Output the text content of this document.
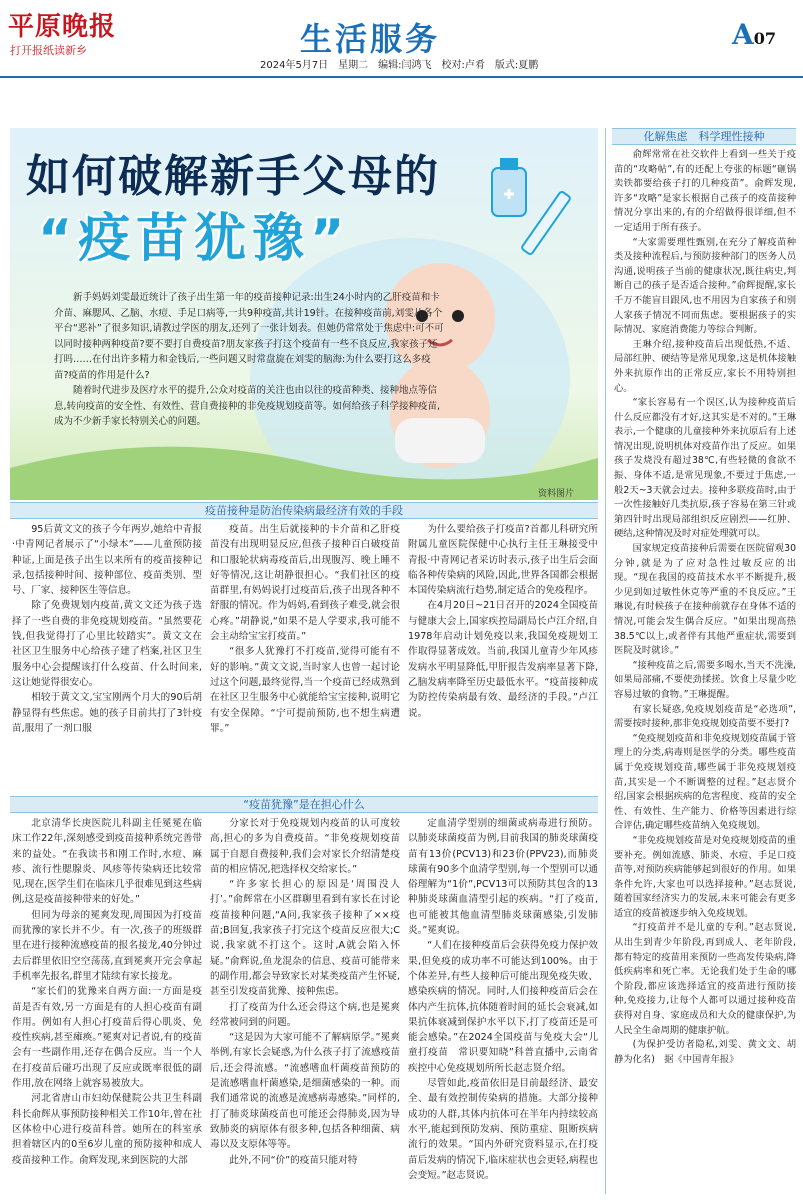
平原晚报
打开报纸读新乡	生活服务	A07
2024年5月7日　星期二　编辑:闫鸿飞　校对:卢肴　版式:夏鹏
如何破解新手父母的
“疫苗犹豫”

新手妈妈刘雯最近统计了孩子出生第一年的疫苗接种记录:出生24小时内的乙肝疫苗和卡介苗、麻腮风、乙脑、水痘、手足口病等,一共9种疫苗,共计19针。在接种疫苗前,刘雯从各个平台“恶补”了很多知识,请教过学医的朋友,还列了一张计划表。但她仍常常处于焦虑中:可不可以同时接种两种疫苗?要不要打自费疫苗?朋友家孩子打这个疫苗有一些不良反应,我家孩子还打吗……在付出许多精力和金钱后,一些问题又时常盘旋在刘雯的脑海:为什么要打这么多疫苗?疫苗的作用是什么?

随着时代进步及医疗水平的提升,公众对疫苗的关注也由以往的疫苗种类、接种地点等信息,转向疫苗的安全性、有效性、营自费接种的非免疫规划疫苗等。如何给孩子科学接种疫苗,成为不少新手家长特别关心的问题。

资料图片
疫苗接种是防治传染病最经济有效的手段

95后黄文文的孩子今年两岁,她给中青报·中青网记者展示了“小绿本”——儿童预防接种证,上面是孩子出生以来所有的疫苗接种记录,包括接种时间、接种部位、疫苗类别、型号、厂家、接种医生等信息。

除了免费规划内疫苗,黄文文还为孩子选择了一些自费的非免疫规划疫苗。“虽然要花钱,但我觉得打了心里比较踏实”。黄文文在社区卫生服务中心给孩子建了档案,社区卫生服务中心会提醒该打什么疫苗、什么时间来,这让她觉得很安心。

相较于黄文文,宝宝刚两个月大的90后胡静显得有些焦虑。她的孩子目前共打了3针疫苗,服用了一剂口服

疫苗。出生后就接种的卡介苗和乙肝疫苗没有出现明显反应,但孩子接种百白破疫苗和口服轮状病毒疫苗后,出现腹泻、晚上睡不好等情况,这让胡静很担心。“我们社区的疫苗群里,有妈妈说打过疫苗后,孩子出现各种不舒服的情况。作为妈妈,看到孩子难受,就会很心疼。”胡静说,“如果不是人学要求,我可能不会主动给宝宝打疫苗。”

“很多人犹豫打不打疫苗,觉得可能有不好的影响。”黄文文说,当时家人也曾一起讨论过这个问题,最终觉得,当一个疫苗已经成熟到在社区卫生服务中心就能给宝宝接种,说明它有安全保障。“宁可提前预防,也不想生病遭罪。”

为什么要给孩子打疫苗?首都儿科研究所附属儿童医院保健中心执行主任王琳接受中青报·中青网记者采访时表示,孩子出生后会面临各种传染病的风险,因此,世界各国都会根据本国传染病流行趋势,制定适合的免疫程序。

在4月20日~21日召开的2024全国疫苗与健康大会上,国家疾控局副局长卢江介绍,自1978年启动计划免疫以来,我国免疫规划工作取得显著成效。当前,我国儿童青少年风疹发病水平明显降低,甲肝报告发病率显著下降,乙脑发病率降至历史最低水平。“疫苗接种成为防控传染病最有效、最经济的手段。”卢江说。

“疫苗犹豫”是在担心什么

北京清华长庚医院儿科副主任冕冕在临床工作22年,深刻感受到疫苗接种系统完善带来的益处。“在我读书和刚工作时,水痘、麻疹、流行性腮腺炎、风疹等传染病还比较常见,现在,医学生们在临床几乎很难见到这些病例,这是疫苗接种带来的好处。”

但同为母亲的冕爽发现,周围因为打疫苗而犹豫的家长并不少。有一次,孩子的班级群里在进行接种流感疫苗的报名接龙,40分钟过去后群里依旧空空荡荡,直到冕爽开完会拿起手机率先报名,群里才陆续有家长接龙。

“家长们的犹豫来自两方面:一方面是疫苗是否有效,另一方面是有的人担心疫苗有副作用。例如有人担心打疫苗后得心肌炎、免疫性疾病,甚至瘫痪。”冕爽对记者说,有的疫苗会有一些副作用,还存在偶合反应。当一个人在打疫苗后碰巧出现了反应或既率很低的副作用,放在网络上就容易被放大。

河北省唐山市妇幼保健院公共卫生科副科长俞辉从事预防接种相关工作10年,曾在社区体检中心进行疫苗科普。她所在的科室承担着辖区内的0至6岁儿童的预防接种和成人疫苗接种工作。俞辉发现,来到医院的大部

分家长对于免疫规划内疫苗的认可度较高,担心的多为自费疫苗。“非免疫规划疫苗属于自愿自费接种,我们会对家长介绍清楚疫苗的相应情况,把选择权交给家长。”

“许多家长担心的原因是‘周围没人打’。”俞辉常在小区群聊里看到有家长在讨论疫苗接种问题,“A问,我家孩子接种了××疫苗;B回复,我家孩子打完这个疫苗反应很大;C说,我家就不打这个。这时,A就会陷入怀疑。”俞辉说,鱼龙混杂的信息、疫苗可能带来的副作用,都会导致家长对某类疫苗产生怀疑,甚至引发疫苗犹豫、接种焦虑。

打了疫苗为什么还会得这个病,也是冕爽经常被问到的问题。

“这是因为大家可能不了解病原学。”冕爽举例,有家长会疑惑,为什么孩子打了流感疫苗后,还会得流感。“流感嗜血杆菌疫苗预防的是流感嗜血杆菌感染,是细菌感染的一种。而我们通常说的流感是流感病毒感染。”同样的,打了肺炎球菌疫苗也可能还会得肺炎,因为导致肺炎的病原体有很多种,包括各种细菌、病毒以及支原体等等。

此外,不同“价”的疫苗只能对特

定血清学型别的细菌或病毒进行预防。以肺炎球菌疫苗为例,目前我国的肺炎球菌疫苗有13价(PCV13)和23价(PPV23),而肺炎球菌有90多个血清学型别,每一个型别可以通俗理解为“1价”,PCV13可以预防其包含的13种肺炎球菌血清型引起的疾病。“打了疫苗,也可能被其他血清型肺炎球菌感染,引发肺炎。”冕爽说。

“人们在接种疫苗后会获得免疫力保护效果,但免疫的成功率不可能达到100%。由于个体差异,有些人接种后可能出现免疫失败、感染疾病的情况。同时,人们接种疫苗后会在体内产生抗体,抗体随着时间的延长会衰减,如果抗体衰减到保护水平以下,打了疫苗还是可能会感染。”在2024全国疫苗与免疫大会“儿童打疫苗　常识要知晓”科普直播中,云南省疾控中心免疫规划所所长赵志贤介绍。

尽管如此,疫苗依旧是目前最经济、最安全、最有效控制传染病的措施。大部分接种成功的人群,其体内抗体可在半年内持续较高水平,能起到预防发病、预防重症、阻断疾病流行的效果。“国内外研究资料显示,在打疫苗后发病的情况下,临床症状也会更轻,病程也会变短。”赵志贤说。

化解焦虑　科学理性接种

俞辉常常在社交软件上看到一些关于疫苗的“攻略帖”,有的还配上夸张的标题“砸锅卖铁都要给孩子打的几种疫苗”。俞辉发现,许多“攻略”是家长根据自己孩子的疫苗接种情况分享出来的,有的介绍做得很详细,但不一定适用于所有孩子。

“大家需要理性甄别,在充分了解疫苗种类及接种流程后,与预防接种部门的医务人员沟通,说明孩子当前的健康状况,既往病史,判断自己的孩子是否适合接种。”俞辉提醒,家长千万不能盲目跟风,也不用因为自家孩子和别人家孩子情况不同而焦虑。要根据孩子的实际情况、家庭消费能力等综合判断。

王琳介绍,接种疫苗后出现低热,不适、局部红肿、硬结等是常见现象,这是机体接触外来抗原作出的正常反应,家长不用特别担心。

“家长容易有一个误区,认为接种疫苗后什么反应都没有才好,这其实是不对的。”王琳表示,一个健康的儿童接种外来抗原后有上述情况出现,说明机体对疫苗作出了反应。如果孩子发烧没有超过38℃,有些轻微的食欲不振、身体不适,是常见现象,不要过于焦虑,一般2天~3天就会过去。接种多联疫苗时,由于一次性接触好几类抗原,孩子容易在第三针或第四针时出现局部组织反应剧烈——红肿、硬结,这种情况及时对症处理就可以。

国家规定疫苗接种后需要在医院留观30分钟,就是为了应对急性过敏反应的出现。“现在我国的疫苗技术水平不断提升,极少见到如过敏性休克等严重的不良反应。”王琳说,有时候孩子在接种前就存在身体不适的情况,可能会发生偶合反应。“如果出现高热38.5℃以上,或者伴有其他严重症状,需要到医院及时就诊。”

“接种疫苗之后,需要多喝水,当天不洗澡,如果局部痛,不要使劲揉搓。饮食上尽量少吃容易过敏的食物。”王琳提醒。

有家长疑惑,免疫规划疫苗是“必选项”,需要按时接种,那非免疫规划疫苗要不要打?

“免疫规划疫苗和非免疫规划疫苗属于管理上的分类,病毒则是医学的分类。哪些疫苗属于免疫规划疫苗,哪些属于非免疫规划疫苗,其实是一个不断调整的过程。”赵志贤介绍,国家会根据疾病的危害程度、疫苗的安全性、有效性、生产能力、价格等因素进行综合评估,确定哪些疫苗纳入免疫规划。

“非免疫规划疫苗是对免疫规划疫苗的重要补充。例如流感、肺炎、水痘、手足口疫苗等,对预防疾病能够起到很好的作用。如果条件允许,大家也可以选择接种。”赵志贤说,随着国家经济实力的发展,未来可能会有更多适宜的疫苗被逐步纳入免疫规划。

“打疫苗并不是儿童的专利。”赵志贤说,从出生到青少年阶段,再到成人、老年阶段,都有特定的疫苗用来预防一些高发传染病,降低疾病率和死亡率。无论我们处于生命的哪个阶段,都应该选择适宜的疫苗进行预防接种,免疫接力,让每个人都可以通过接种疫苗获得对自身、家庭成员和大众的健康保护,为人民全生命周期的健康护航。

(为保护受访者隐私,刘雯、黄文文、胡静为化名)　据《中国青年报》
